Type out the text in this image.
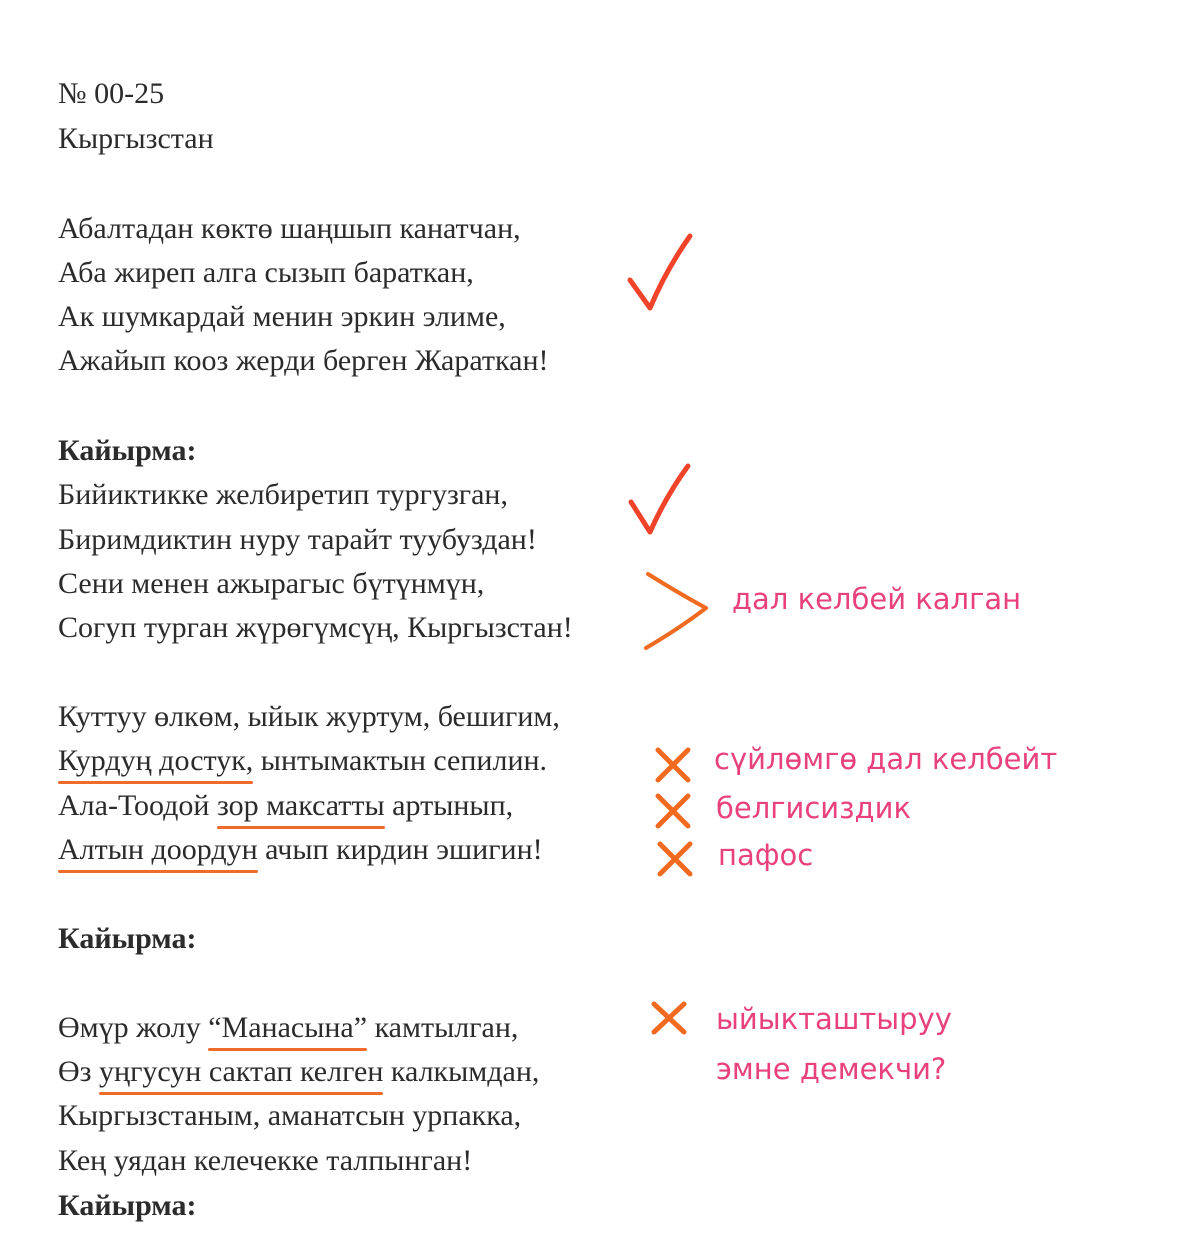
№ 00-25
Кыргызстан
Абалтадан көктө шаңшып канатчан,
Аба жиреп алга сызып бараткан,
Ак шумкардай менин эркин элиме,
Ажайып кооз жерди берген Жараткан!
Кайырма:
Бийиктикке желбиретип тургузган,
Биримдиктин нуру тарайт туубуздан!
Сени менен ажырагыс бүтүнмүн,
Согуп турган жүрөгүмсүң, Кыргызстан!
Куттуу өлкөм, ыйык журтум, бешигим,
Курдуң достук, ынтымактын сепилин.
Ала-Тоодой зор максатты артынып,
Алтын доордун ачып кирдин эшигин!
Кайырма:
Өмүр жолу “Манасына” камтылган,
Өз уңгусун сактап келген калкымдан,
Кыргызстаным, аманатсын урпакка,
Кең уядан келечекке талпынган!
Кайырма:
дал келбей калган
сүйлөмгө дал келбейт
белгисиздик
пафос
ыйыкташтыруу
эмне демекчи?
